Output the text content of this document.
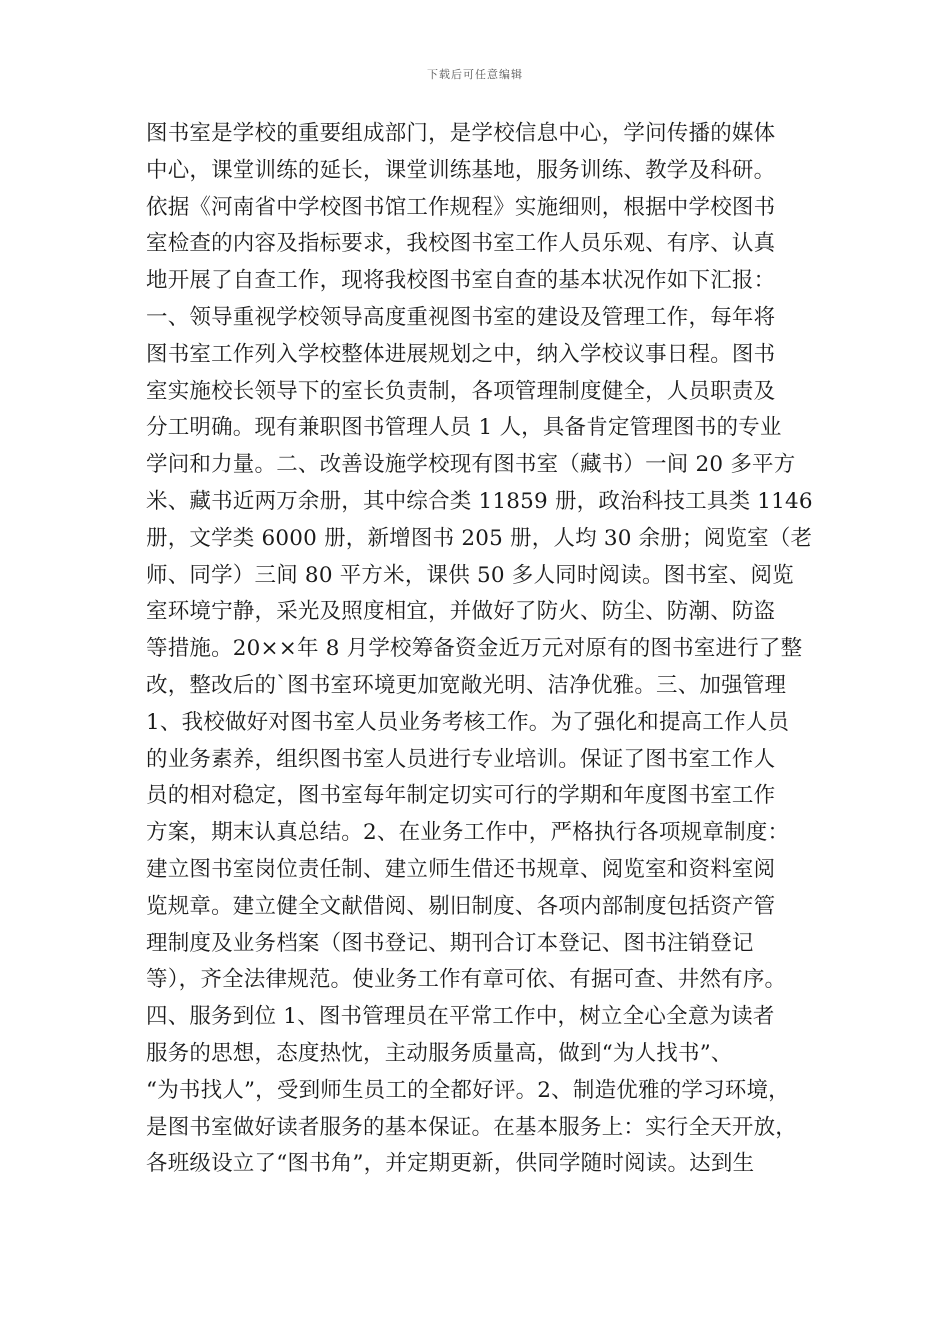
下载后可任意编辑
图书室是学校的重要组成部门，是学校信息中心，学问传播的媒体
中心，课堂训练的延长，课堂训练基地，服务训练、教学及科研。
依据《河南省中学校图书馆工作规程》实施细则，根据中学校图书
室检查的内容及指标要求，我校图书室工作人员乐观、有序、认真
地开展了自查工作，现将我校图书室自查的基本状况作如下汇报：
一、领导重视学校领导高度重视图书室的建设及管理工作，每年将
图书室工作列入学校整体进展规划之中，纳入学校议事日程。图书
室实施校长领导下的室长负责制，各项管理制度健全，人员职责及
分工明确。现有兼职图书管理人员 1 人，具备肯定管理图书的专业
学问和力量。二、改善设施学校现有图书室（藏书）一间 20 多平方
米、藏书近两万余册，其中综合类 11859 册，政治科技工具类 1146
册，文学类 6000 册，新增图书 205 册，人均 30 余册；阅览室（老
师、同学）三间 80 平方米，课供 50 多人同时阅读。图书室、阅览
室环境宁静，采光及照度相宜，并做好了防火、防尘、防潮、防盗
等措施。20××年 8 月学校筹备资金近万元对原有的图书室进行了整
改，整改后的`图书室环境更加宽敞光明、洁净优雅。三、加强管理
1、我校做好对图书室人员业务考核工作。为了强化和提高工作人员
的业务素养，组织图书室人员进行专业培训。保证了图书室工作人
员的相对稳定，图书室每年制定切实可行的学期和年度图书室工作
方案，期末认真总结。2、在业务工作中，严格执行各项规章制度：
建立图书室岗位责任制、建立师生借还书规章、阅览室和资料室阅
览规章。建立健全文献借阅、剔旧制度、各项内部制度包括资产管
理制度及业务档案（图书登记、期刊合订本登记、图书注销登记
等），齐全法律规范。使业务工作有章可依、有据可查、井然有序。
四、服务到位 1、图书管理员在平常工作中，树立全心全意为读者
服务的思想，态度热忱，主动服务质量高，做到“为人找书”、
“为书找人”，受到师生员工的全都好评。2、制造优雅的学习环境，
是图书室做好读者服务的基本保证。在基本服务上：实行全天开放，
各班级设立了“图书角”，并定期更新，供同学随时阅读。达到生
